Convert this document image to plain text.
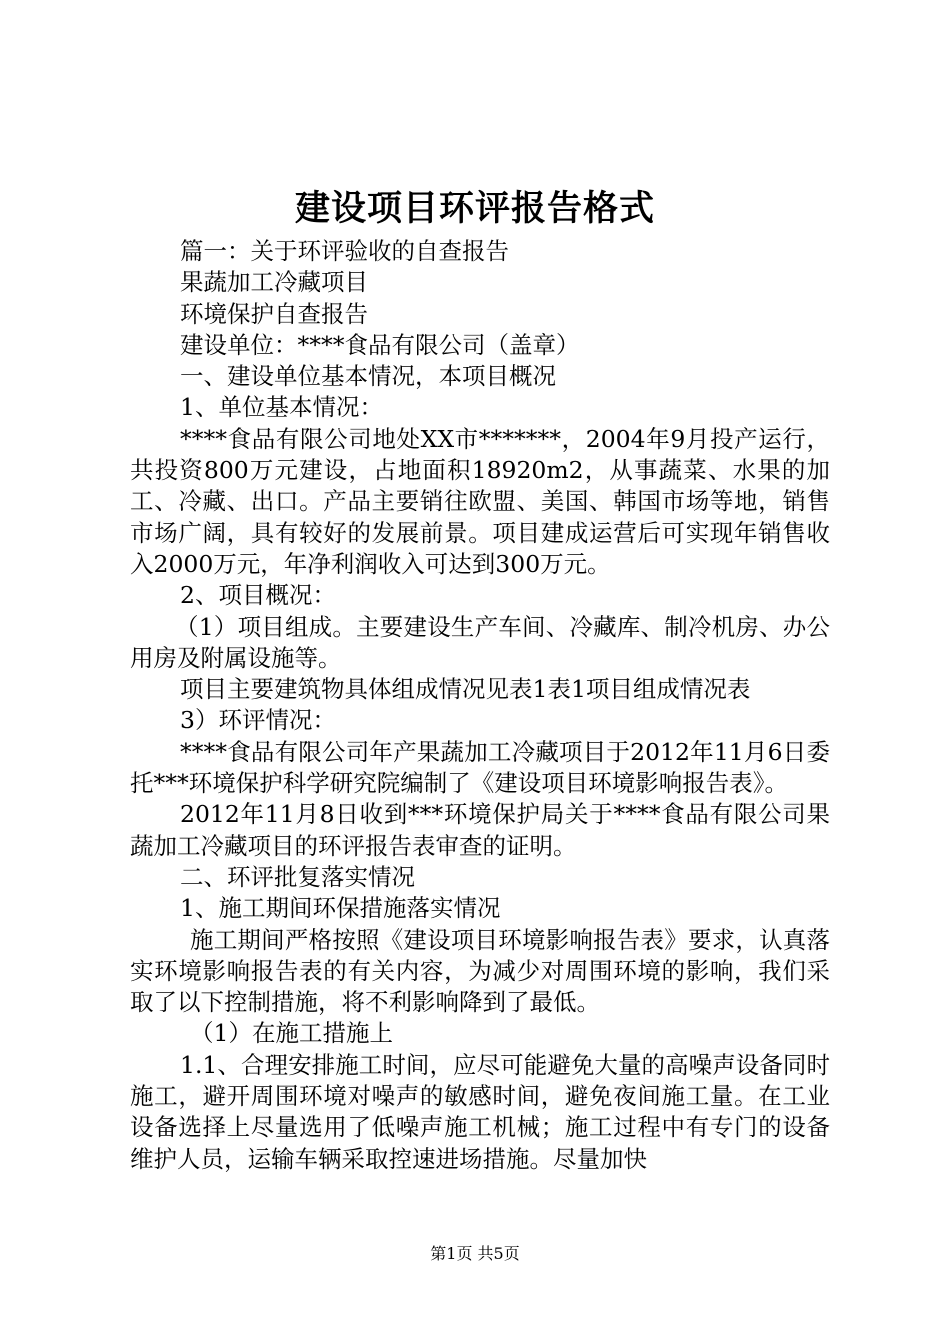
建设项目环评报告格式

篇一：关于环评验收的自查报告

果蔬加工冷藏项目

环境保护自查报告

建设单位：****食品有限公司（盖章）

一、建设单位基本情况，本项目概况

1、单位基本情况：

****食品有限公司地处XX市*******，2004年9月投产运行，共投资800万元建设，占地面积18920m2，从事蔬菜、水果的加工、冷藏、出口。产品主要销往欧盟、美国、韩国市场等地，销售市场广阔，具有较好的发展前景。项目建成运营后可实现年销售收入2000万元，年净利润收入可达到300万元。

2、项目概况：

（1）项目组成。主要建设生产车间、冷藏库、制冷机房、办公用房及附属设施等。

项目主要建筑物具体组成情况见表1表1项目组成情况表

3）环评情况：

****食品有限公司年产果蔬加工冷藏项目于2012年11月6日委托***环境保护科学研究院编制了《建设项目环境影响报告表》。

2012年11月8日收到***环境保护局关于****食品有限公司果蔬加工冷藏项目的环评报告表审查的证明。

二、环评批复落实情况

1、施工期间环保措施落实情况

施工期间严格按照《建设项目环境影响报告表》要求，认真落实环境影响报告表的有关内容，为减少对周围环境的影响，我们采取了以下控制措施，将不利影响降到了最低。

（1）在施工措施上

1.1、合理安排施工时间，应尽可能避免大量的高噪声设备同时施工，避开周围环境对噪声的敏感时间，避免夜间施工量。在工业设备选择上尽量选用了低噪声施工机械；施工过程中有专门的设备维护人员，运输车辆采取控速进场措施。尽量加快

第1页 共5页
